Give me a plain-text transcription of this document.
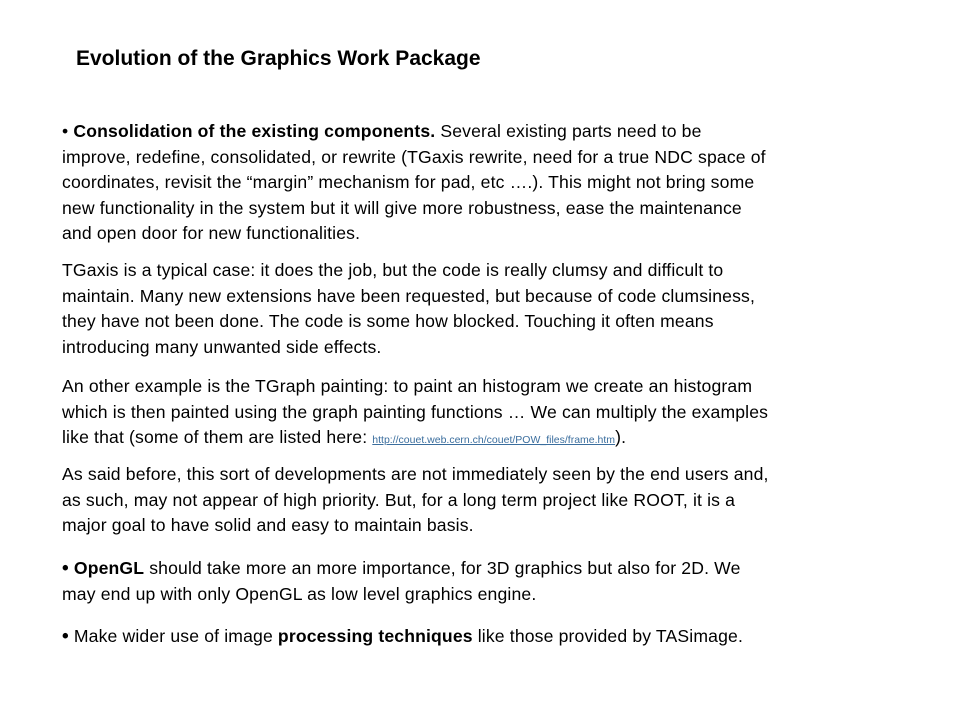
Evolution of the Graphics Work Package
• Consolidation of the existing components. Several existing parts need to be
improve, redefine, consolidated, or rewrite (TGaxis rewrite, need for a true NDC space of
coordinates, revisit the “margin” mechanism for pad, etc ….). This might not bring some
new functionality in the system but it will give more robustness, ease the maintenance
and open door for new functionalities.
TGaxis is a typical case: it does the job, but the code is really clumsy and difficult to
maintain. Many new extensions have been requested, but because of code clumsiness,
they have not been done. The code is some how blocked. Touching it often means
introducing many unwanted side effects.
An other example is the TGraph painting: to paint an histogram we create an histogram
which is then painted using the graph painting functions … We can multiply the examples
like that (some of them are listed here: http://couet.web.cern.ch/couet/POW_files/frame.htm).
As said before, this sort of developments are not immediately seen by the end users and,
as such, may not appear of high priority. But, for a long term project like ROOT, it is a
major goal to have solid and easy to maintain basis.
• OpenGL should take more an more importance, for 3D graphics but also for 2D. We
may end up with only OpenGL as low level graphics engine.
• Make wider use of image processing techniques like those provided by TASimage.
